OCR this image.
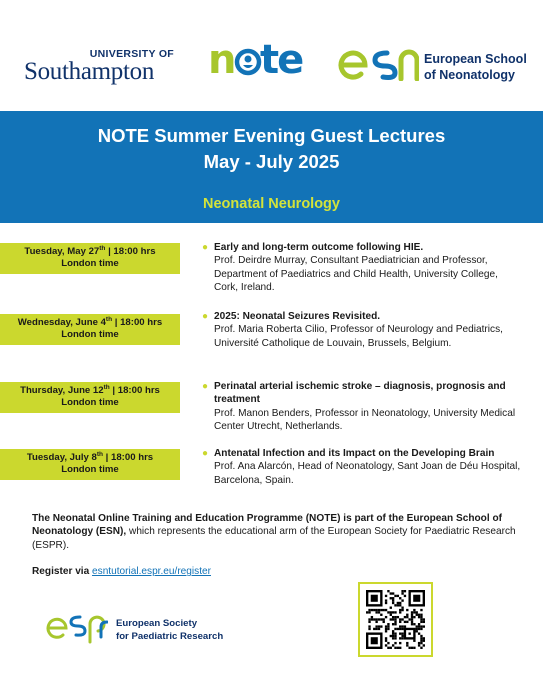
UNIVERSITY OF
Southampton	n te	European School
of Neonatology
NOTE Summer Evening Guest Lectures
May - July 2025
Neonatal Neurology
Tuesday, May 27th | 18:00 hrs
London time
● Early and long-term outcome following HIE.
Prof. Deirdre Murray, Consultant Paediatrician and Professor, Department of Paediatrics and Child Health, University College, Cork, Ireland.
Wednesday, June 4th | 18:00 hrs
London time
● 2025: Neonatal Seizures Revisited.
Prof. Maria Roberta Cilio, Professor of Neurology and Pediatrics, Université Catholique de Louvain, Brussels, Belgium.
Thursday, June 12th | 18:00 hrs
London time
● Perinatal arterial ischemic stroke – diagnosis, prognosis and treatment
Prof. Manon Benders, Professor in Neonatology, University Medical Center Utrecht, Netherlands.
Tuesday, July 8th | 18:00 hrs
London time
● Antenatal Infection and its Impact on the Developing Brain
Prof. Ana Alarcón, Head of Neonatology, Sant Joan de Déu Hospital, Barcelona, Spain.
The Neonatal Online Training and Education Programme (NOTE) is part of the European School of Neonatology (ESN), which represents the educational arm of the European Society for Paediatric Research (ESPR).
Register via esntutorial.espr.eu/register
European Society
for Paediatric Research
